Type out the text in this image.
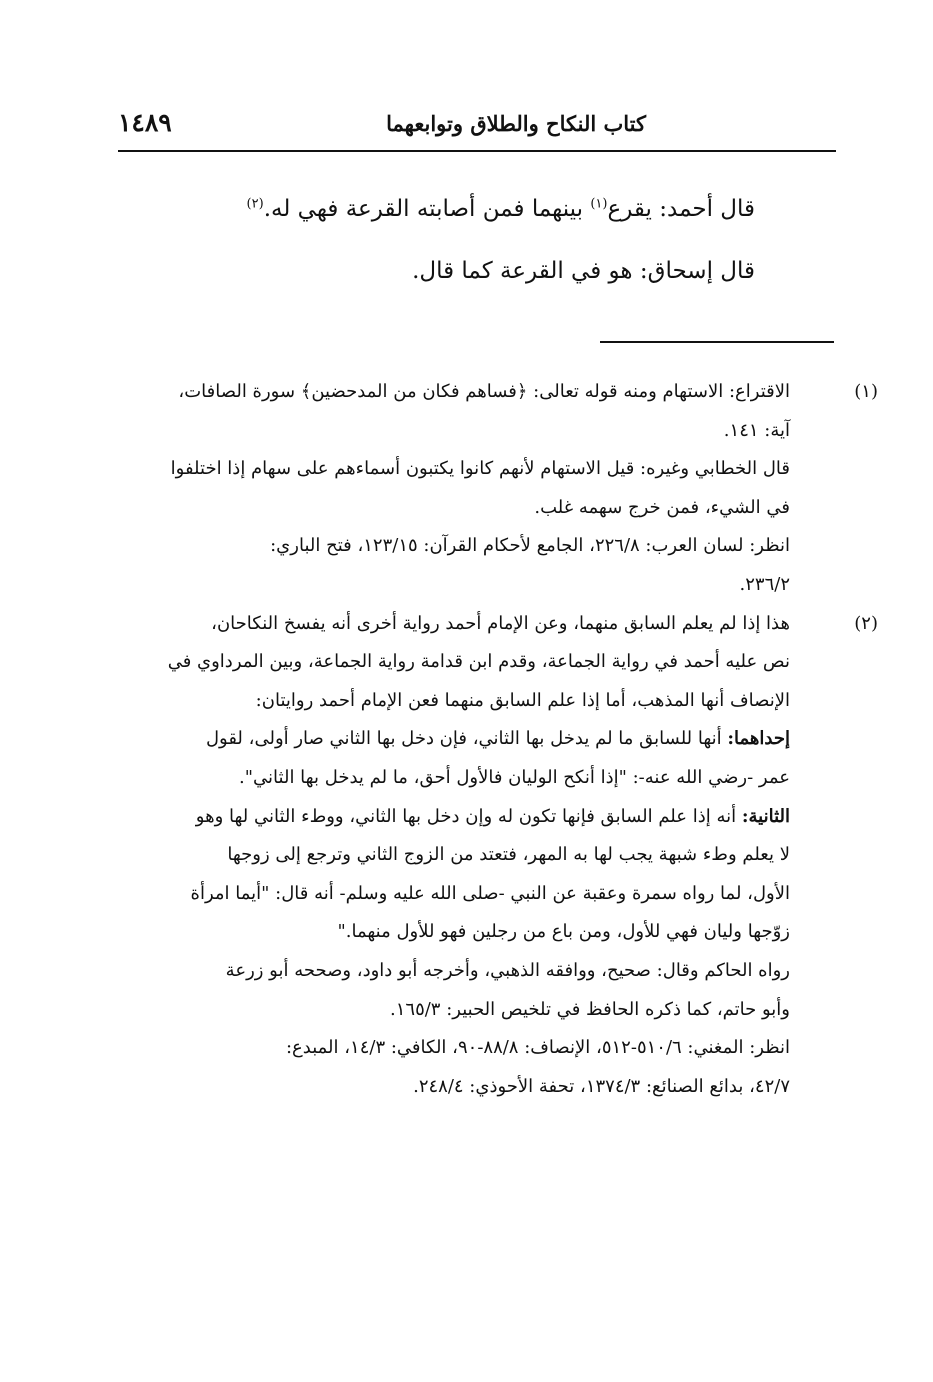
كتاب النكاح والطلاق وتوابعهما
١٤٨٩

قال أحمد: يقرع$^{(١)}$ بينهما فمن أصابته القرعة فهي له.$^{(٢)}$

قال إسحاق: هو في القرعة كما قال.

(١)الاقتراع: الاستهام ومنه قوله تعالى: ﴿فساهم فكان من المدحضين﴾ سورة الصافات،

آية: ١٤١.

قال الخطابي وغيره: قيل الاستهام لأنهم كانوا يكتبون أسماءهم على سهام إذا اختلفوا

في الشيء، فمن خرج سهمه غلب.

انظر: لسان العرب: ٢٢٦/٨، الجامع لأحكام القرآن: ١٢٣/١٥، فتح الباري:

٢٣٦/٢.

(٢)هذا إذا لم يعلم السابق منهما، وعن الإمام أحمد رواية أخرى أنه يفسخ النكاحان،

نص عليه أحمد في رواية الجماعة، وقدم ابن قدامة رواية الجماعة، وبين المرداوي في

الإنصاف أنها المذهب، أما إذا علم السابق منهما فعن الإمام أحمد روايتان:

إحداهما: أنها للسابق ما لم يدخل بها الثاني، فإن دخل بها الثاني صار أولى، لقول

عمر -رضي الله عنه-: "إذا أنكح الوليان فالأول أحق، ما لم يدخل بها الثاني".

الثانية: أنه إذا علم السابق فإنها تكون له وإن دخل بها الثاني، ووطء الثاني لها وهو

لا يعلم وطء شبهة يجب لها به المهر، فتعتد من الزوج الثاني وترجع إلى زوجها

الأول، لما رواه سمرة وعقبة عن النبي -صلى الله عليه وسلم- أنه قال: "أيما امرأة

زوّجها وليان فهي للأول، ومن باع من رجلين فهو للأول منهما."

رواه الحاكم وقال: صحيح، ووافقه الذهبي، وأخرجه أبو داود، وصححه أبو زرعة

وأبو حاتم، كما ذكره الحافظ في تلخيص الحبير: ١٦٥/٣.

انظر: المغني: ٥١٠/٦-٥١٢، الإنصاف: ٨٨/٨-٩٠، الكافي: ١٤/٣، المبدع:

٤٢/٧، بدائع الصنائع: ١٣٧٤/٣، تحفة الأحوذي: ٢٤٨/٤.
